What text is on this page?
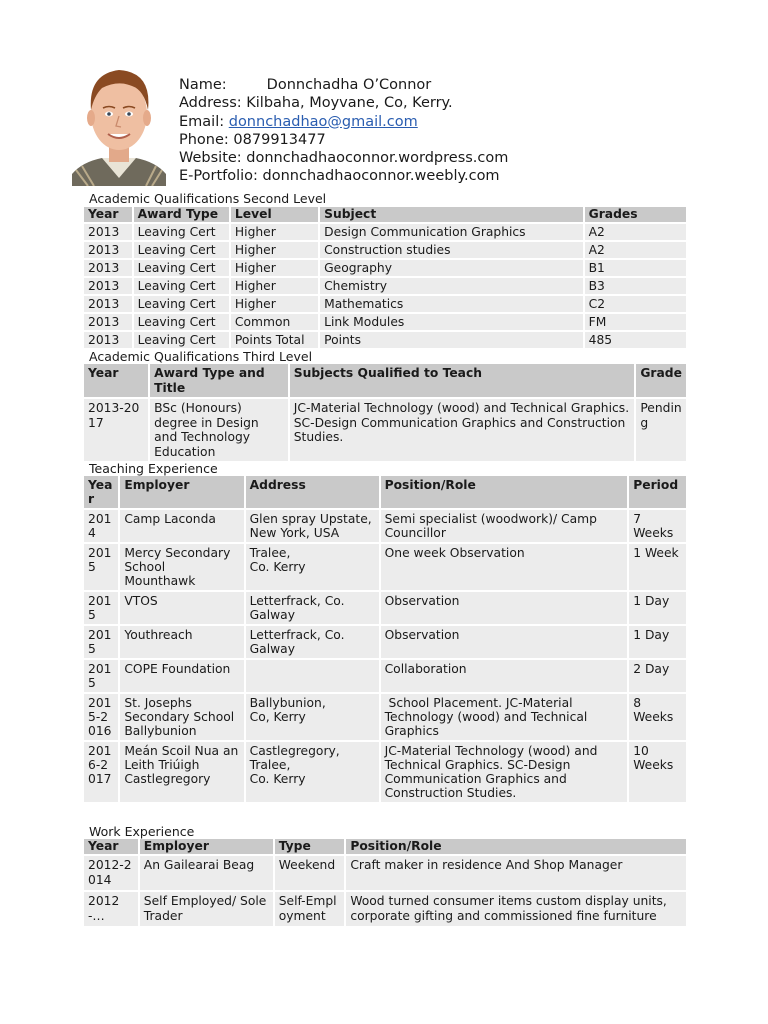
Name:	Donnchadha O’Connor
Address: Kilbaha, Moyvane, Co, Kerry.
Email: donnchadhao@gmail.com
Phone: 0879913477
Website: donnchadhaoconnor.wordpress.com
E-Portfolio: donnchadhaoconnor.weebly.com
Academic Qualifications Second Level
Year	Award Type	Level	Subject	Grades
2013	Leaving Cert	Higher	Design Communication Graphics	A2
2013	Leaving Cert	Higher	Construction studies	A2
2013	Leaving Cert	Higher	Geography	B1
2013	Leaving Cert	Higher	Chemistry	B3
2013	Leaving Cert	Higher	Mathematics	C2
2013	Leaving Cert	Common	Link Modules	FM
2013	Leaving Cert	Points Total	Points	485
Academic Qualifications Third Level
Year	Award Type and Title	Subjects Qualified to Teach	Grade
2013-2017	BSc (Honours) degree in Design and Technology Education	JC-Material Technology (wood) and Technical Graphics. SC-Design Communication Graphics and Construction Studies.	Pending
Teaching Experience
Year	Employer	Address	Position/Role	Period
2014	Camp Laconda	Glen spray Upstate, New York, USA	Semi specialist (woodwork)/ Camp Councillor	7 Weeks
2015	Mercy Secondary School Mounthawk	Tralee,
Co. Kerry	One week Observation	1 Week
2015	VTOS	Letterfrack, Co. Galway	Observation	1 Day
2015	Youthreach	Letterfrack, Co. Galway	Observation	1 Day
2015	COPE Foundation		Collaboration	2 Day
2015-2016	St. Josephs Secondary School Ballybunion	Ballybunion,
Co, Kerry	School Placement. JC-Material Technology (wood) and Technical Graphics	8 Weeks
2016-2017	Meán Scoil Nua an Leith Triúigh Castlegregory	Castlegregory,
Tralee,
Co. Kerry	JC-Material Technology (wood) and Technical Graphics. SC-Design Communication Graphics and Construction Studies.	10 Weeks
Work Experience
Year	Employer	Type	Position/Role
2012-2014	An Gailearai Beag	Weekend	Craft maker in residence And Shop Manager
2012-…	Self Employed/ Sole Trader	Self-Employment	Wood turned consumer items custom display units, corporate gifting and commissioned fine furniture
